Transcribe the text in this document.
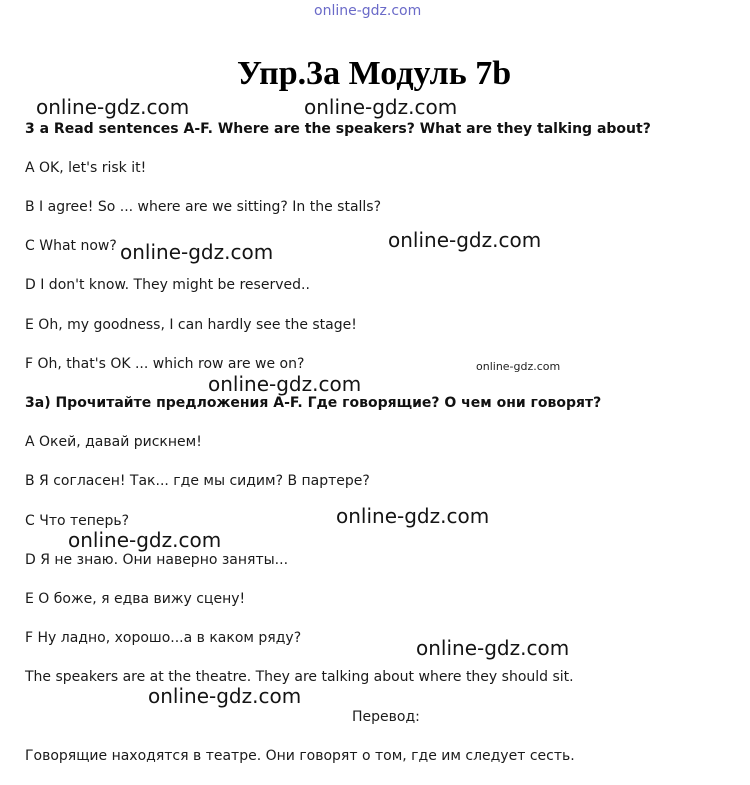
online-gdz.com
Упр.3а Модуль 7b
3 a Read sentences A-F. Where are the speakers? What are they talking about?
A OK, let's risk it!
B I agree! So ... where are we sitting? In the stalls?
C What now?
D I don't know. They might be reserved..
E Oh, my goodness, I can hardly see the stage!
F Oh, that's OK ... which row are we on?
3а) Прочитайте предложения A-F. Где говорящие? О чем они говорят?
A Окей, давай рискнем!
B Я согласен! Так... где мы сидим? В партере?
C Что теперь?
D Я не знаю. Они наверно заняты...
E О боже, я едва вижу сцену!
F Ну ладно, хорошо...а в каком ряду?
The speakers are at the theatre. They are talking about where they should sit.
Перевод:
Говорящие находятся в театре. Они говорят о том, где им следует сесть.
online-gdz.com	online-gdz.com
online-gdz.com
online-gdz.com
online-gdz.com
online-gdz.com
online-gdz.com
online-gdz.com
online-gdz.com
online-gdz.com
